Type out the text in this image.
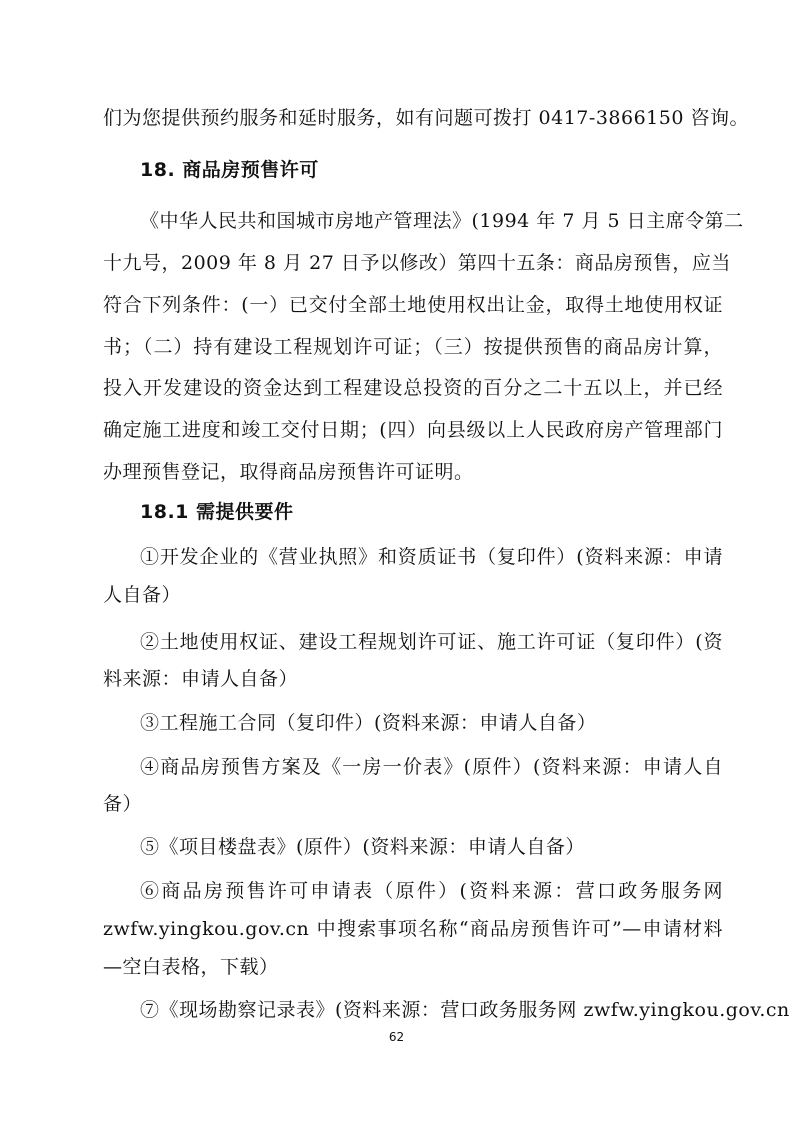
们为您提供预约服务和延时服务，如有问题可拨打 0417-3866150 咨询。
18. 商品房预售许可
《中华人民共和国城市房地产管理法》(1994 年 7 月 5 日主席令第二
十九号，2009 年 8 月 27 日予以修改）第四十五条：商品房预售，应当
符合下列条件：(一）已交付全部土地使用权出让金，取得土地使用权证
书；（二）持有建设工程规划许可证；（三）按提供预售的商品房计算，
投入开发建设的资金达到工程建设总投资的百分之二十五以上，并已经
确定施工进度和竣工交付日期；(四）向县级以上人民政府房产管理部门
办理预售登记，取得商品房预售许可证明。
18.1 需提供要件
①开发企业的《营业执照》和资质证书（复印件）(资料来源：申请
人自备）
②土地使用权证、建设工程规划许可证、施工许可证（复印件）(资
料来源：申请人自备）
③工程施工合同（复印件）(资料来源：申请人自备）
④商品房预售方案及《一房一价表》(原件）(资料来源：申请人自
备）
⑤《项目楼盘表》(原件）(资料来源：申请人自备）
⑥商品房预售许可申请表（原件）(资料来源：营口政务服务网
zwfw.yingkou.gov.cn 中搜索事项名称“商品房预售许可”—申请材料
—空白表格，下载）
⑦《现场勘察记录表》(资料来源：营口政务服务网 zwfw.yingkou.gov.cn
62
